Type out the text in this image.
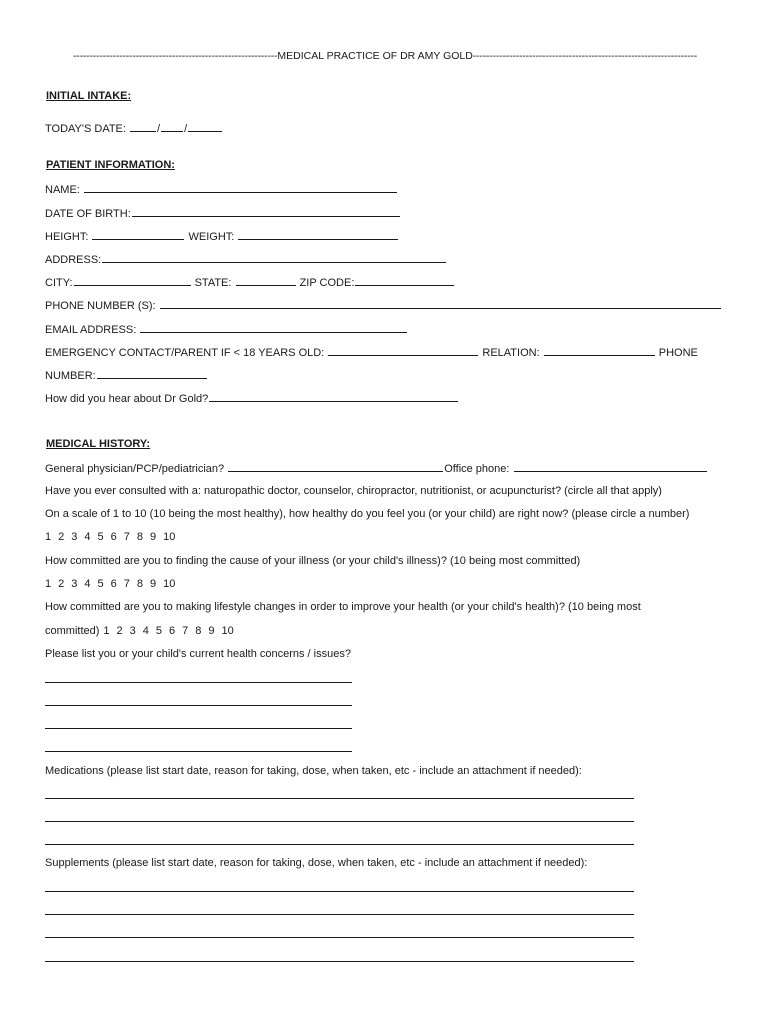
--------------------------------------------------------------MEDICAL PRACTICE OF DR AMY GOLD--------------------------------------------------------------------
INITIAL INTAKE:
TODAY'S DATE:	/ /
PATIENT INFORMATION:
NAME:
DATE OF BIRTH:
HEIGHT:	WEIGHT:
ADDRESS:
CITY:	STATE:	ZIP CODE:
PHONE NUMBER (S):
EMAIL ADDRESS:
EMERGENCY CONTACT/PARENT IF < 18 YEARS OLD:	RELATION:	PHONE
NUMBER:
How did you hear about Dr Gold?
MEDICAL HISTORY:
General physician/PCP/pediatrician?	Office phone:
Have you ever consulted with a: naturopathic doctor, counselor, chiropractor, nutritionist, or acupuncturist? (circle all that apply)
On a scale of 1 to 10 (10 being the most healthy), how healthy do you feel you (or your child) are right now? (please circle a number)
1 2 3 4 5 6 7 8 9 10
How committed are you to finding the cause of your illness (or your child's illness)? (10 being most committed)
1 2 3 4 5 6 7 8 9 10
How committed are you to making lifestyle changes in order to improve your health (or your child's health)? (10 being most
committed) 1 2 3 4 5 6 7 8 9 10
Please list you or your child's current health concerns / issues?
Medications (please list start date, reason for taking, dose, when taken, etc - include an attachment if needed):
Supplements (please list start date, reason for taking, dose, when taken, etc - include an attachment if needed):
